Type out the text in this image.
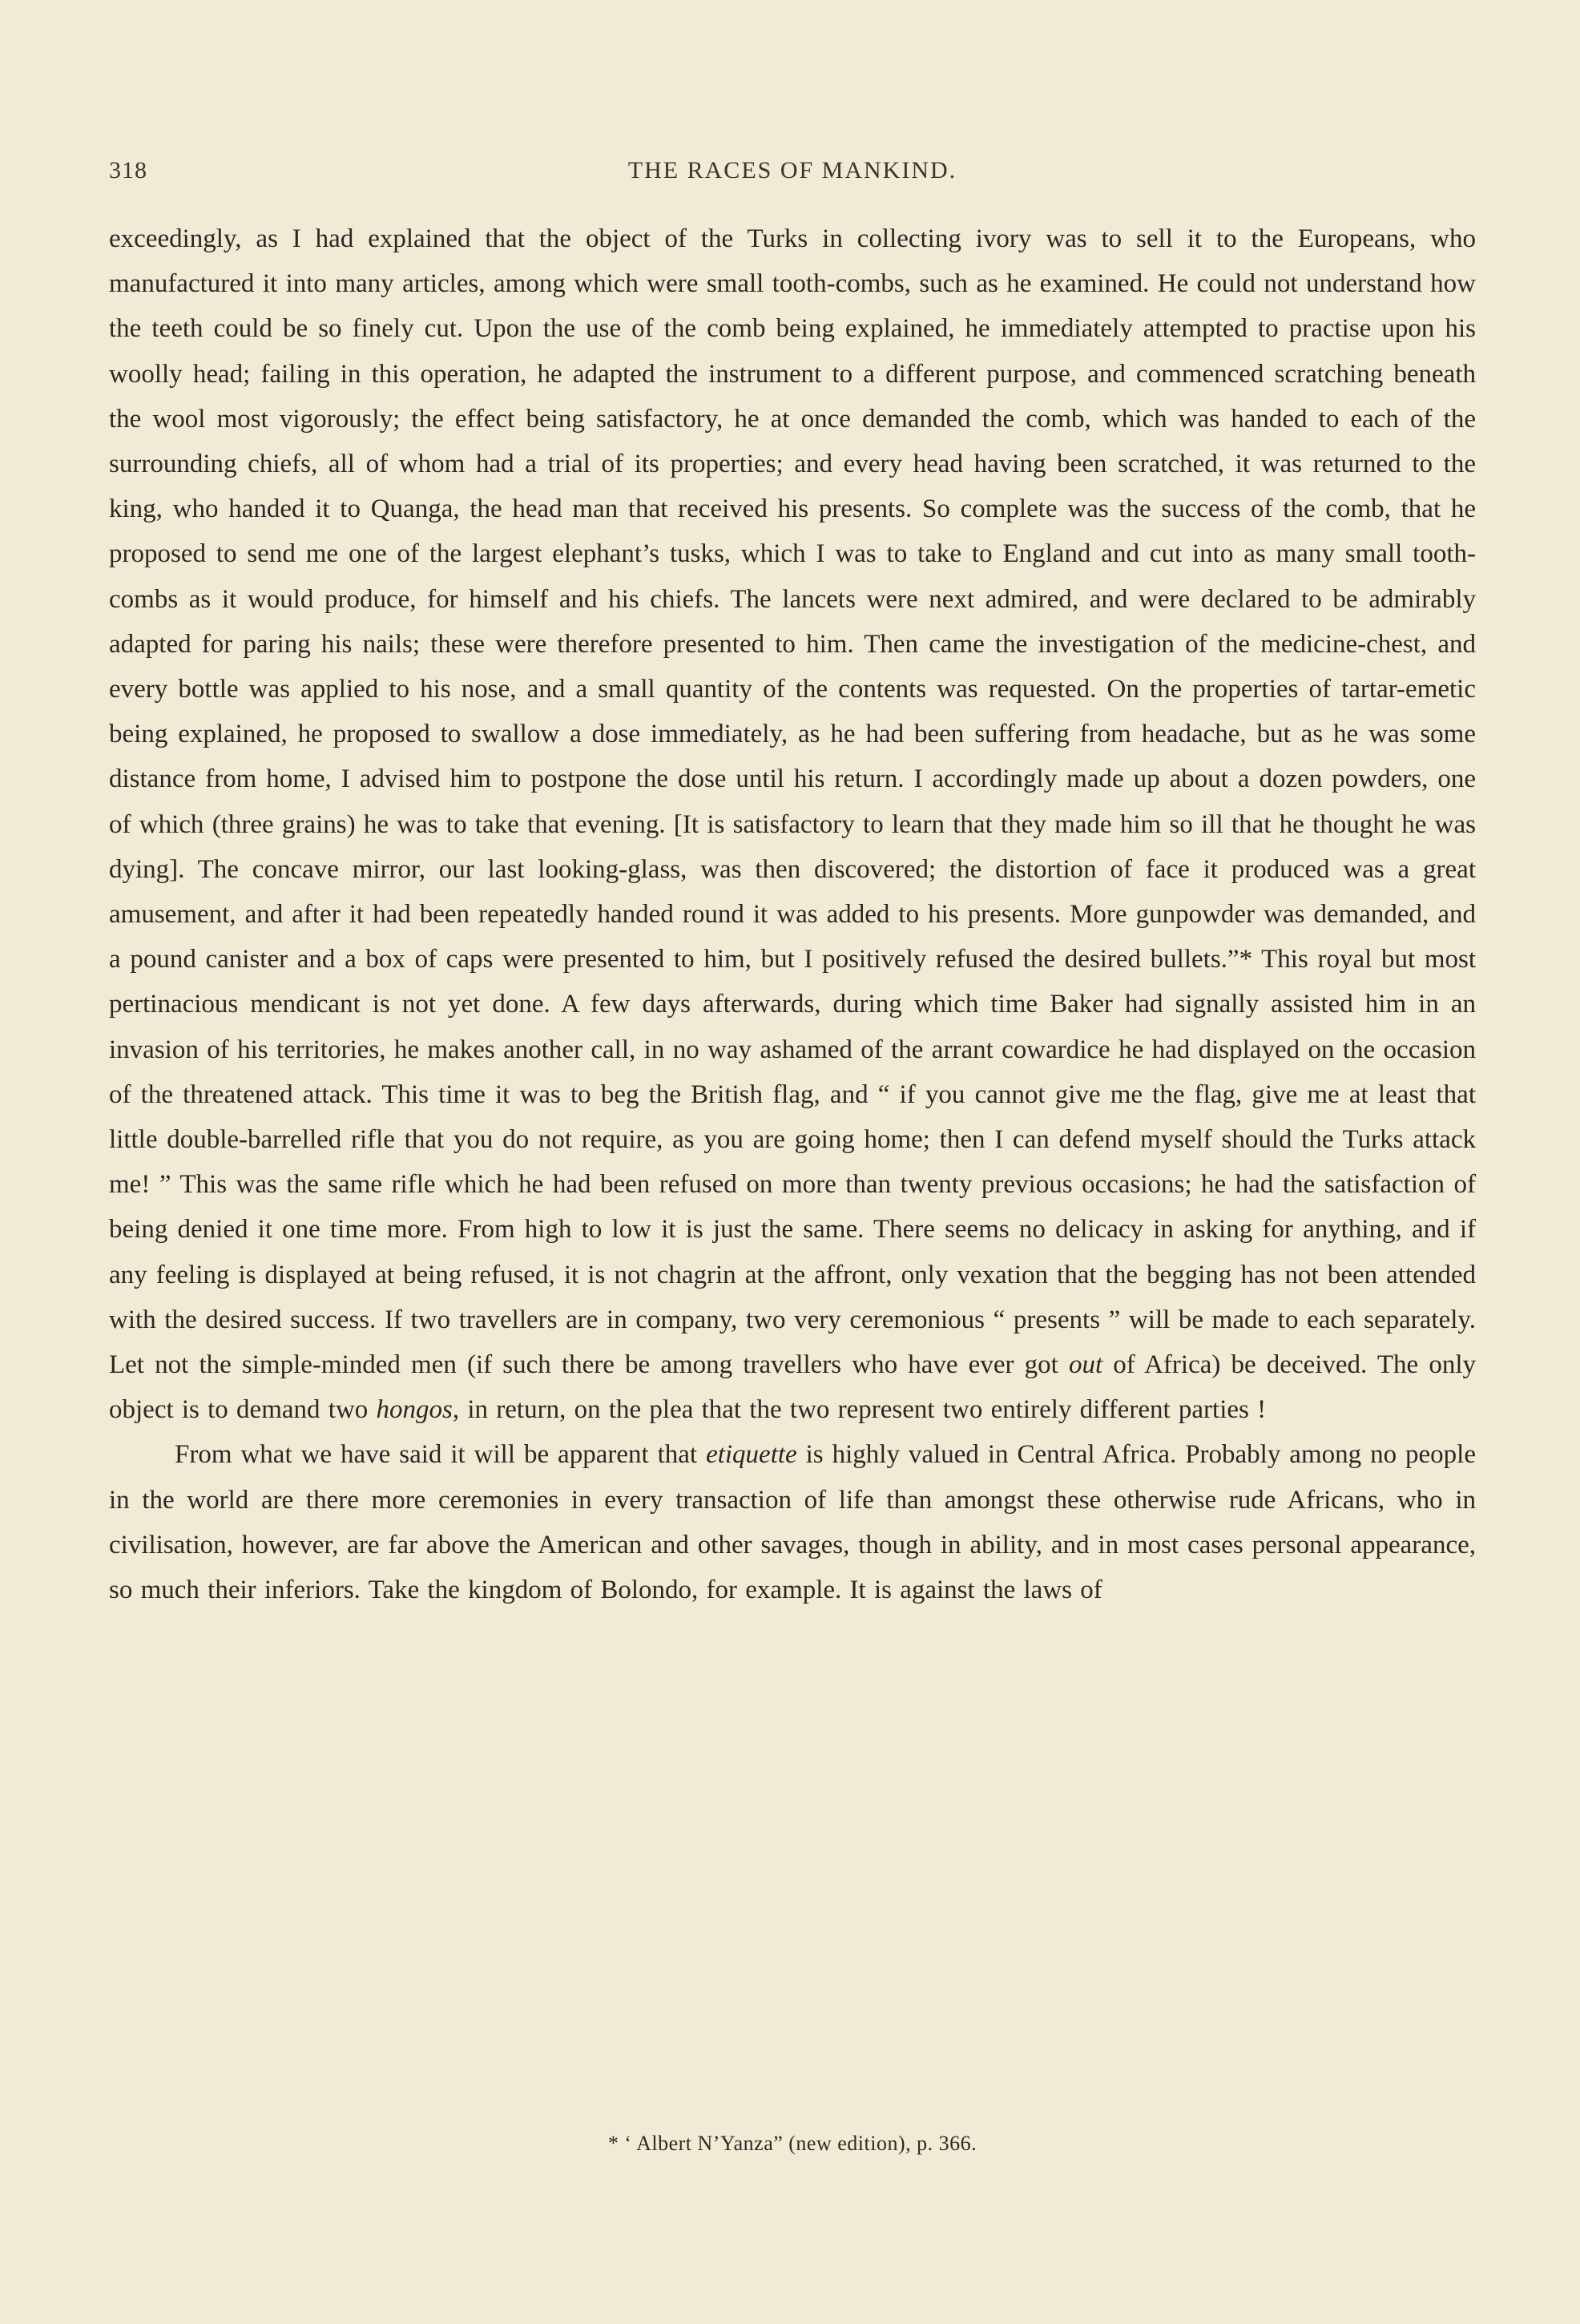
318	THE RACES OF MANKIND.

exceedingly, as I had explained that the object of the Turks in collecting ivory was to sell it to the Europeans, who manufactured it into many articles, among which were small tooth-combs, such as he examined. He could not understand how the teeth could be so finely cut. Upon the use of the comb being explained, he immediately attempted to practise upon his woolly head; failing in this operation, he adapted the instrument to a different purpose, and commenced scratching beneath the wool most vigorously; the effect being satisfactory, he at once demanded the comb, which was handed to each of the surrounding chiefs, all of whom had a trial of its properties; and every head having been scratched, it was returned to the king, who handed it to Quanga, the head man that received his presents. So complete was the success of the comb, that he proposed to send me one of the largest elephant’s tusks, which I was to take to England and cut into as many small tooth-combs as it would produce, for himself and his chiefs. The lancets were next admired, and were declared to be admirably adapted for paring his nails; these were therefore presented to him. Then came the investigation of the medicine-chest, and every bottle was applied to his nose, and a small quantity of the contents was requested. On the properties of tartar-emetic being explained, he proposed to swallow a dose immediately, as he had been suffering from headache, but as he was some distance from home, I advised him to postpone the dose until his return. I accordingly made up about a dozen powders, one of which (three grains) he was to take that evening. [It is satisfactory to learn that they made him so ill that he thought he was dying]. The concave mirror, our last looking-glass, was then discovered; the distortion of face it produced was a great amusement, and after it had been repeatedly handed round it was added to his presents. More gunpowder was demanded, and a pound canister and a box of caps were presented to him, but I positively refused the desired bullets.”* This royal but most pertinacious mendicant is not yet done. A few days afterwards, during which time Baker had signally assisted him in an invasion of his territories, he makes another call, in no way ashamed of the arrant cowardice he had displayed on the occasion of the threatened attack. This time it was to beg the British flag, and “ if you cannot give me the flag, give me at least that little double-barrelled rifle that you do not require, as you are going home; then I can defend myself should the Turks attack me! ” This was the same rifle which he had been refused on more than twenty previous occasions; he had the satisfaction of being denied it one time more. From high to low it is just the same. There seems no delicacy in asking for anything, and if any feeling is displayed at being refused, it is not chagrin at the affront, only vexation that the begging has not been attended with the desired success. If two travellers are in company, two very ceremonious “ presents ” will be made to each separately. Let not the simple-minded men (if such there be among travellers who have ever got out of Africa) be deceived. The only object is to demand two hongos, in return, on the plea that the two represent two entirely different parties !

From what we have said it will be apparent that etiquette is highly valued in Central Africa. Probably among no people in the world are there more ceremonies in every transaction of life than amongst these otherwise rude Africans, who in civilisation, however, are far above the American and other savages, though in ability, and in most cases personal appearance, so much their inferiors. Take the kingdom of Bolondo, for example. It is against the laws of

* ‘ Albert N’Yanza” (new edition), p. 366.
